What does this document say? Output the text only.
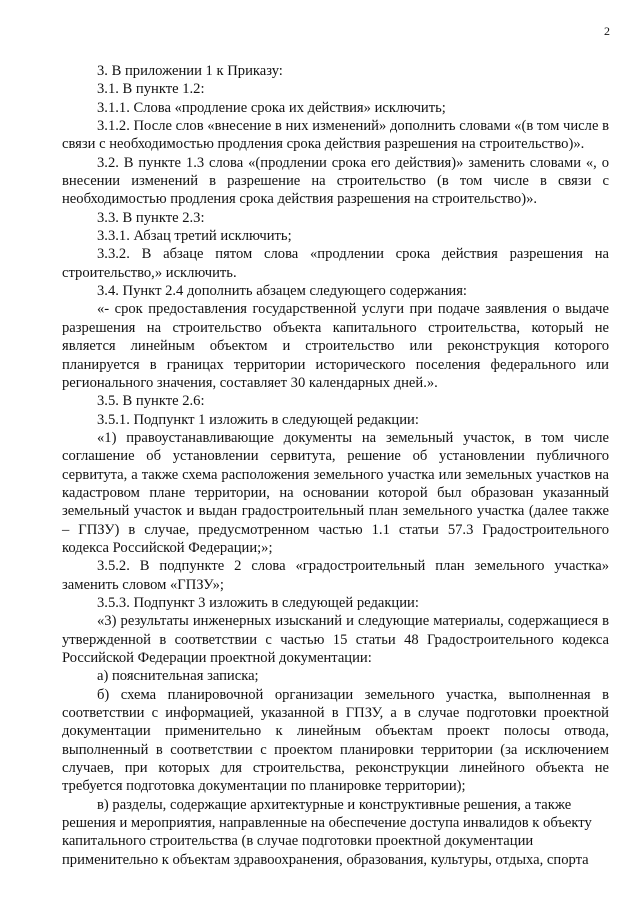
2

3. В приложении 1 к Приказу:

3.1. В пункте 1.2:

3.1.1. Слова «продление срока их действия» исключить;

3.1.2. После слов «внесение в них изменений» дополнить словами «(в том числе в связи с необходимостью продления срока действия разрешения на строительство)».

3.2. В пункте 1.3 слова «(продлении срока его действия)» заменить словами «, о внесении изменений в разрешение на строительство (в том числе в связи с необходимостью продления срока действия разрешения на строительство)».

3.3. В пункте 2.3:

3.3.1. Абзац третий исключить;

3.3.2. В абзаце пятом слова «продлении срока действия разрешения на строительство,» исключить.

3.4. Пункт 2.4 дополнить абзацем следующего содержания:

«- срок предоставления государственной услуги при подаче заявления о выдаче разрешения на строительство объекта капитального строительства, который не является линейным объектом и строительство или реконструкция которого планируется в границах территории исторического поселения федерального или регионального значения, составляет 30 календарных дней.».

3.5. В пункте 2.6:

3.5.1. Подпункт 1 изложить в следующей редакции:

«1) правоустанавливающие документы на земельный участок, в том числе соглашение об установлении сервитута, решение об установлении публичного сервитута, а также схема расположения земельного участка или земельных участков на кадастровом плане территории, на основании которой был образован указанный земельный участок и выдан градостроительный план земельного участка (далее также – ГПЗУ) в случае, предусмотренном частью 1.1 статьи 57.3 Градостроительного кодекса Российской Федерации;»;

3.5.2. В подпункте 2 слова «градостроительный план земельного участка» заменить словом «ГПЗУ»;

3.5.3. Подпункт 3 изложить в следующей редакции:

«3) результаты инженерных изысканий и следующие материалы, содержащиеся в утвержденной в соответствии с частью 15 статьи 48 Градостроительного кодекса Российской Федерации проектной документации:

а) пояснительная записка;

б) схема планировочной организации земельного участка, выполненная в соответствии с информацией, указанной в ГПЗУ, а в случае подготовки проектной документации применительно к линейным объектам проект полосы отвода, выполненный в соответствии с проектом планировки территории (за исключением случаев, при которых для строительства, реконструкции линейного объекта не требуется подготовка документации по планировке территории);

в) разделы, содержащие архитектурные и конструктивные решения, а также решения и мероприятия, направленные на обеспечение доступа инвалидов к объекту капитального строительства (в случае подготовки проектной документации применительно к объектам здравоохранения, образования, культуры, отдыха, спорта
